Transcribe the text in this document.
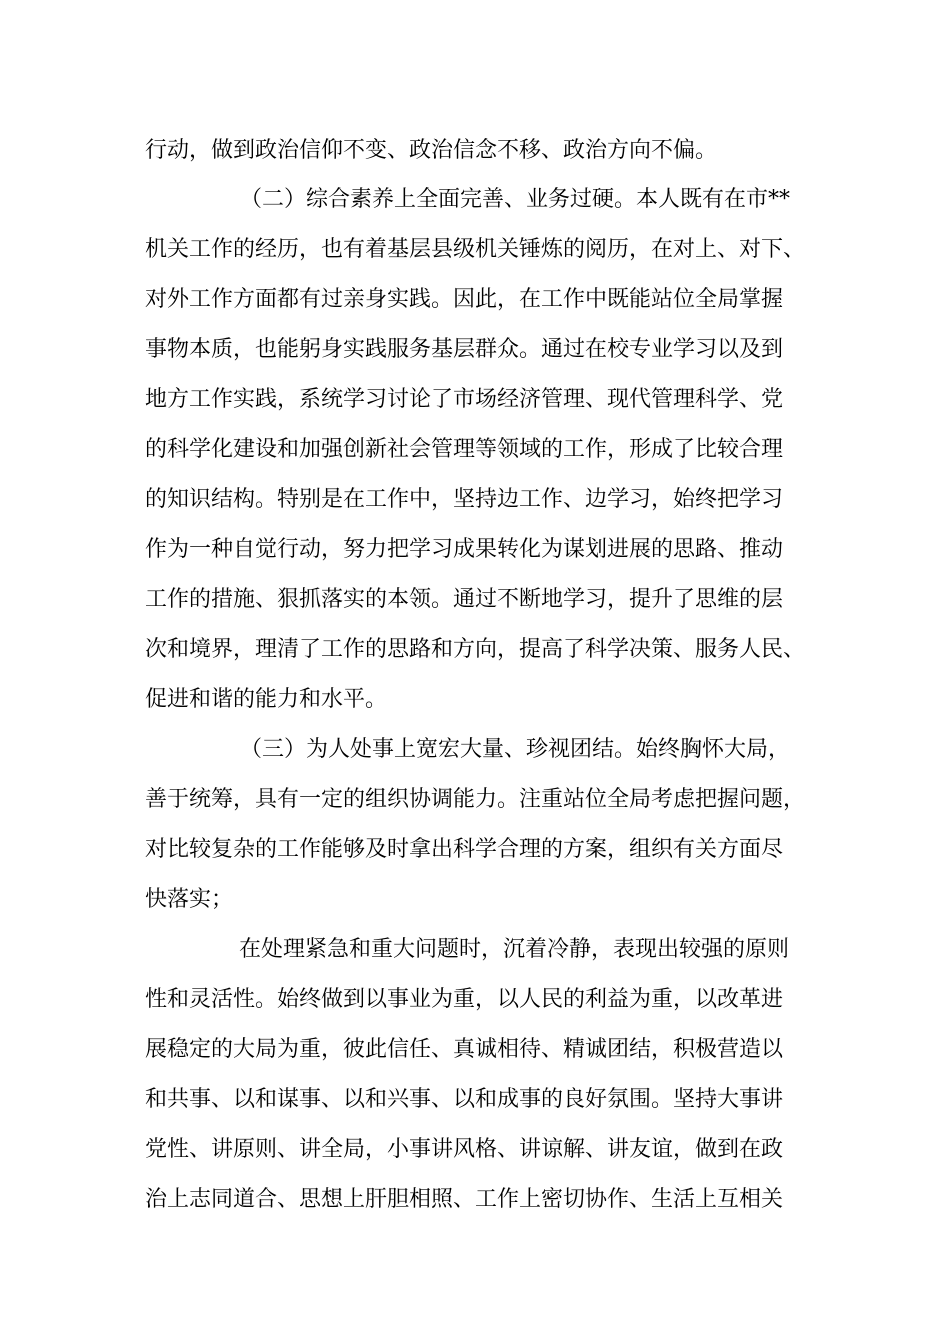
行动，做到政治信仰不变、政治信念不移、政治方向不偏。
（二）综合素养上全面完善、业务过硬。本人既有在市**
机关工作的经历，也有着基层县级机关锤炼的阅历，在对上、对下、
对外工作方面都有过亲身实践。因此，在工作中既能站位全局掌握
事物本质，也能躬身实践服务基层群众。通过在校专业学习以及到
地方工作实践，系统学习讨论了市场经济管理、现代管理科学、党
的科学化建设和加强创新社会管理等领域的工作，形成了比较合理
的知识结构。特别是在工作中，坚持边工作、边学习，始终把学习
作为一种自觉行动，努力把学习成果转化为谋划进展的思路、推动
工作的措施、狠抓落实的本领。通过不断地学习，提升了思维的层
次和境界，理清了工作的思路和方向，提高了科学决策、服务人民、
促进和谐的能力和水平。
（三）为人处事上宽宏大量、珍视团结。始终胸怀大局，
善于统筹，具有一定的组织协调能力。注重站位全局考虑把握问题，
对比较复杂的工作能够及时拿出科学合理的方案，组织有关方面尽
快落实；
在处理紧急和重大问题时，沉着冷静，表现出较强的原则
性和灵活性。始终做到以事业为重，以人民的利益为重，以改革进
展稳定的大局为重，彼此信任、真诚相待、精诚团结，积极营造以
和共事、以和谋事、以和兴事、以和成事的良好氛围。坚持大事讲
党性、讲原则、讲全局，小事讲风格、讲谅解、讲友谊，做到在政
治上志同道合、思想上肝胆相照、工作上密切协作、生活上互相关
